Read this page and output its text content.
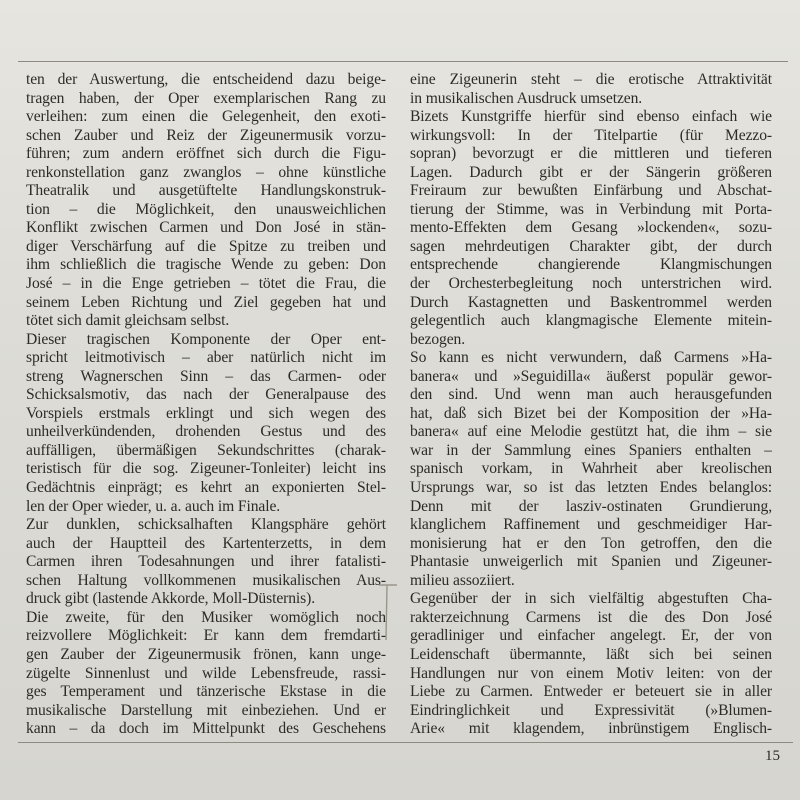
ten der Auswertung, die entscheidend dazu beige-
tragen haben, der Oper exemplarischen Rang zu
verleihen: zum einen die Gelegenheit, den exoti-
schen Zauber und Reiz der Zigeunermusik vorzu-
führen; zum andern eröffnet sich durch die Figu-
renkonstellation ganz zwanglos – ohne künstliche
Theatralik und ausgetüftelte Handlungskonstruk-
tion – die Möglichkeit, den unausweichlichen
Konflikt zwischen Carmen und Don José in stän-
diger Verschärfung auf die Spitze zu treiben und
ihm schließlich die tragische Wende zu geben: Don
José – in die Enge getrieben – tötet die Frau, die
seinem Leben Richtung und Ziel gegeben hat und
tötet sich damit gleichsam selbst.
Dieser tragischen Komponente der Oper ent-
spricht leitmotivisch – aber natürlich nicht im
streng Wagnerschen Sinn – das Carmen- oder
Schicksalsmotiv, das nach der Generalpause des
Vorspiels erstmals erklingt und sich wegen des
unheilverkündenden, drohenden Gestus und des
auffälligen, übermäßigen Sekundschrittes (charak-
teristisch für die sog. Zigeuner-Tonleiter) leicht ins
Gedächtnis einprägt; es kehrt an exponierten Stel-
len der Oper wieder, u. a. auch im Finale.
Zur dunklen, schicksalhaften Klangsphäre gehört
auch der Hauptteil des Kartenterzetts, in dem
Carmen ihren Todesahnungen und ihrer fatalisti-
schen Haltung vollkommenen musikalischen Aus-
druck gibt (lastende Akkorde, Moll-Düsternis).
Die zweite, für den Musiker womöglich noch
reizvollere Möglichkeit: Er kann dem fremdarti-
gen Zauber der Zigeunermusik frönen, kann unge-
zügelte Sinnenlust und wilde Lebensfreude, rassi-
ges Temperament und tänzerische Ekstase in die
musikalische Darstellung mit einbeziehen. Und er
kann – da doch im Mittelpunkt des Geschehens
eine Zigeunerin steht – die erotische Attraktivität
in musikalischen Ausdruck umsetzen.
Bizets Kunstgriffe hierfür sind ebenso einfach wie
wirkungsvoll: In der Titelpartie (für Mezzo-
sopran) bevorzugt er die mittleren und tieferen
Lagen. Dadurch gibt er der Sängerin größeren
Freiraum zur bewußten Einfärbung und Abschat-
tierung der Stimme, was in Verbindung mit Porta-
mento-Effekten dem Gesang »lockenden«, sozu-
sagen mehrdeutigen Charakter gibt, der durch
entsprechende changierende Klangmischungen
der Orchesterbegleitung noch unterstrichen wird.
Durch Kastagnetten und Baskentrommel werden
gelegentlich auch klangmagische Elemente mitein-
bezogen.
So kann es nicht verwundern, daß Carmens »Ha-
banera« und »Seguidilla« äußerst populär gewor-
den sind. Und wenn man auch herausgefunden
hat, daß sich Bizet bei der Komposition der »Ha-
banera« auf eine Melodie gestützt hat, die ihm – sie
war in der Sammlung eines Spaniers enthalten –
spanisch vorkam, in Wahrheit aber kreolischen
Ursprungs war, so ist das letzten Endes belanglos:
Denn mit der lasziv-ostinaten Grundierung,
klanglichem Raffinement und geschmeidiger Har-
monisierung hat er den Ton getroffen, den die
Phantasie unweigerlich mit Spanien und Zigeuner-
milieu assoziiert.
Gegenüber der in sich vielfältig abgestuften Cha-
rakterzeichnung Carmens ist die des Don José
geradliniger und einfacher angelegt. Er, der von
Leidenschaft übermannte, läßt sich bei seinen
Handlungen nur von einem Motiv leiten: von der
Liebe zu Carmen. Entweder er beteuert sie in aller
Eindringlichkeit und Expressivität (»Blumen-
Arie« mit klagendem, inbrünstigem Englisch-
15
